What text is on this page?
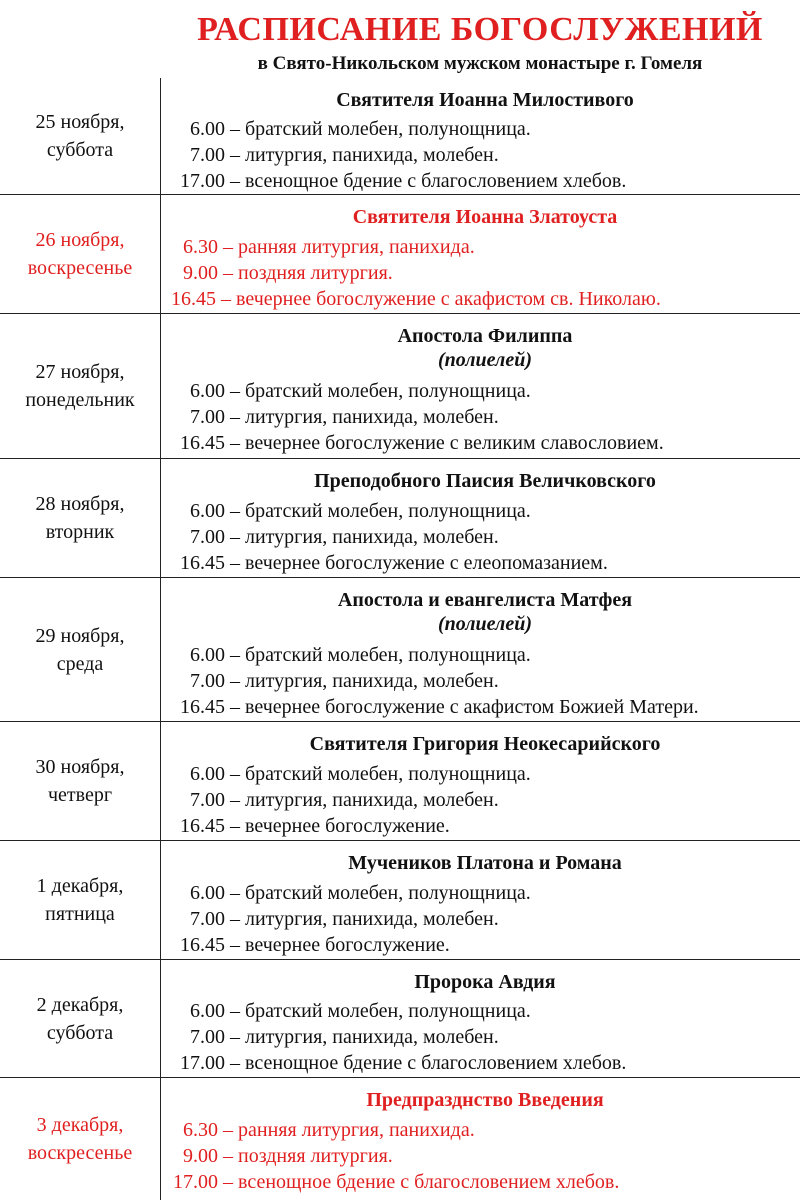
РАСПИСАНИЕ БОГОСЛУЖЕНИЙ
в Свято-Никольском мужском монастыре г. Гомеля
25 ноября,
суббота
Святителя Иоанна Милостивого
6.00 – братский молебен, полунощница.
7.00 – литургия, панихида, молебен.
17.00 – всенощное бдение с благословением хлебов.
26 ноября,
воскресенье
Святителя Иоанна Златоуста
6.30 – ранняя литургия, панихида.
9.00 – поздняя литургия.
16.45 – вечернее богослужение с акафистом св. Николаю.
27 ноября,
понедельник
Апостола Филиппа
(полиелей)
6.00 – братский молебен, полунощница.
7.00 – литургия, панихида, молебен.
16.45 – вечернее богослужение с великим славословием.
28 ноября,
вторник
Преподобного Паисия Величковского
6.00 – братский молебен, полунощница.
7.00 – литургия, панихида, молебен.
16.45 – вечернее богослужение с елеопомазанием.
29 ноября,
среда
Апостола и евангелиста Матфея
(полиелей)
6.00 – братский молебен, полунощница.
7.00 – литургия, панихида, молебен.
16.45 – вечернее богослужение с акафистом Божией Матери.
30 ноября,
четверг
Святителя Григория Неокесарийского
6.00 – братский молебен, полунощница.
7.00 – литургия, панихида, молебен.
16.45 – вечернее богослужение.
1 декабря,
пятница
Мучеников Платона и Романа
6.00 – братский молебен, полунощница.
7.00 – литургия, панихида, молебен.
16.45 – вечернее богослужение.
2 декабря,
суббота
Пророка Авдия
6.00 – братский молебен, полунощница.
7.00 – литургия, панихида, молебен.
17.00 – всенощное бдение с благословением хлебов.
3 декабря,
воскресенье
Предпразднство Введения
6.30 – ранняя литургия, панихида.
9.00 – поздняя литургия.
17.00 – всенощное бдение с благословением хлебов.
